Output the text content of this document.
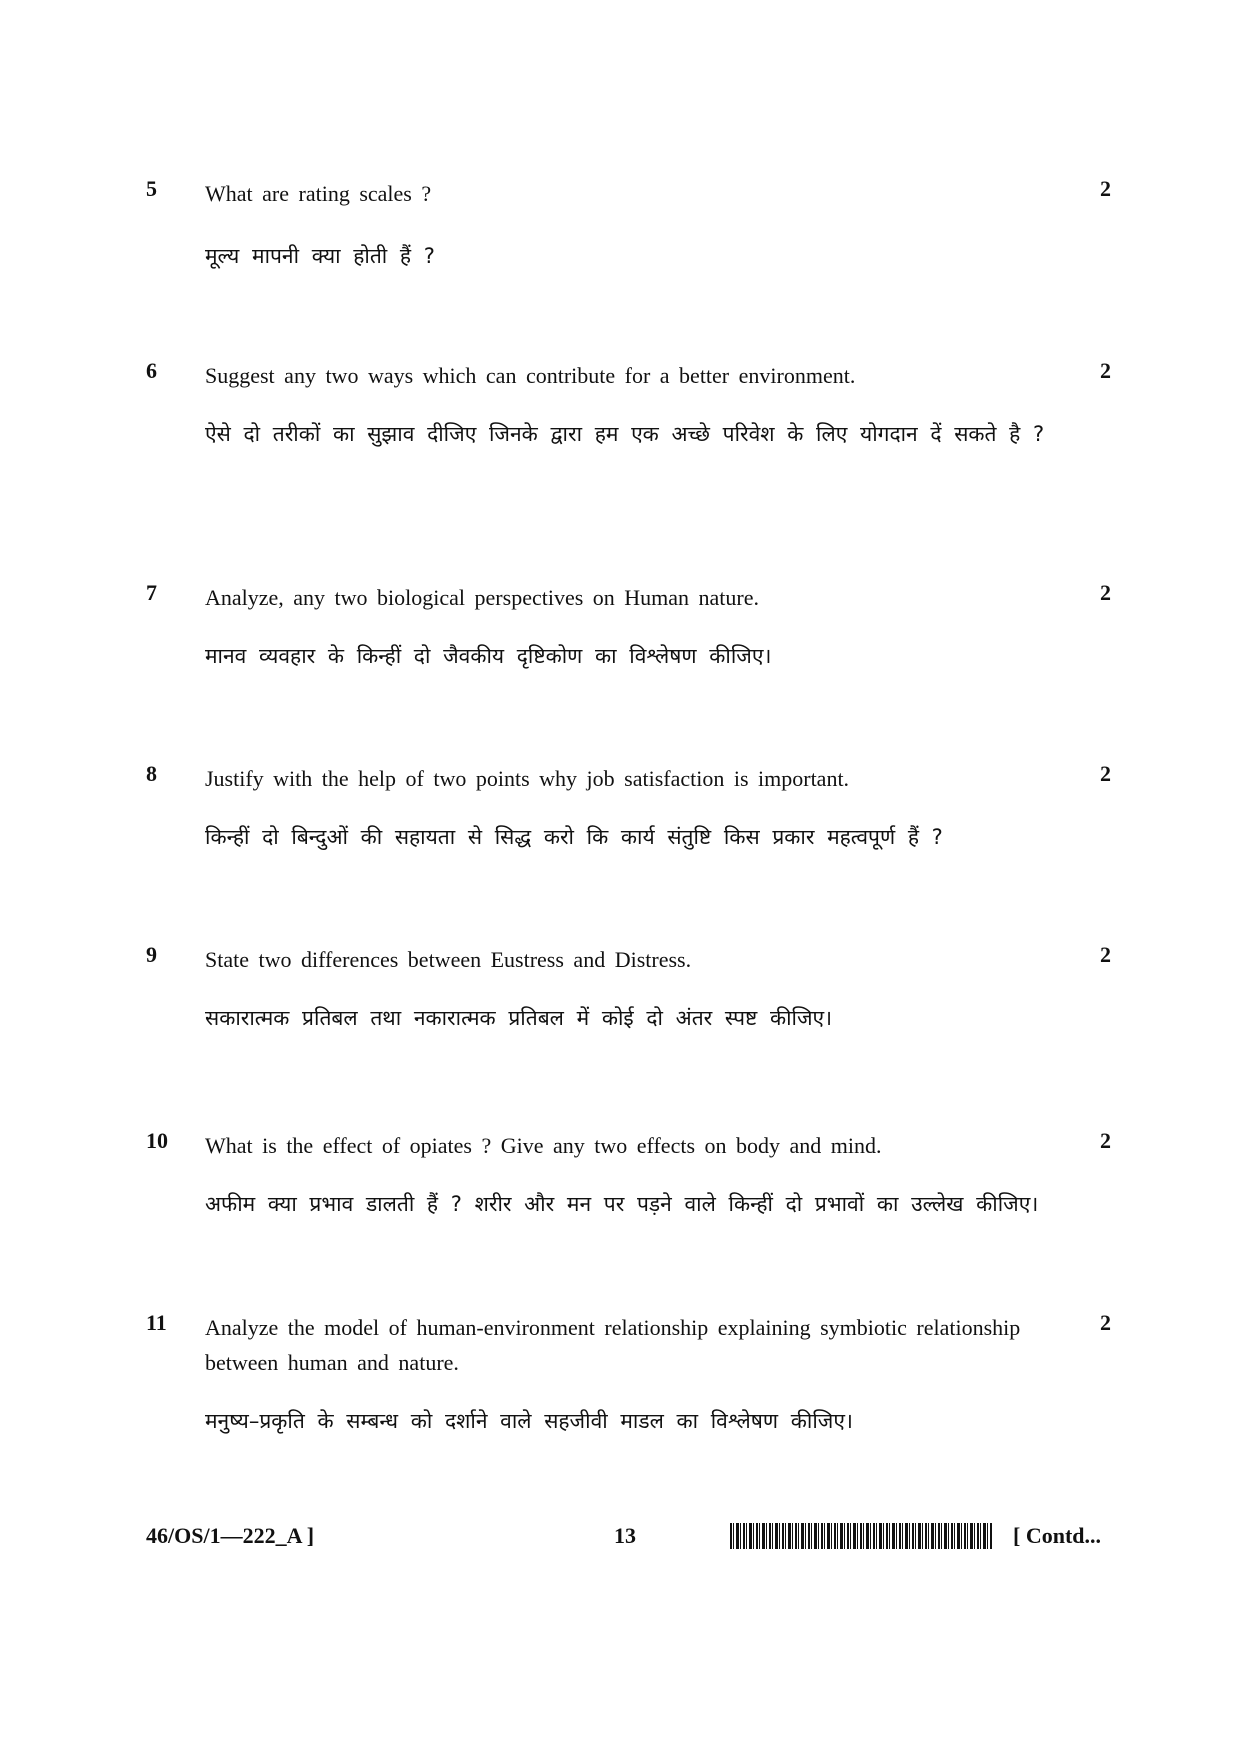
5 What are rating scales ?	2
मूल्य मापनी क्या होती हैं ?
6 Suggest any two ways which can contribute for a better environment.	2
ऐसे दो तरीकों का सुझाव दीजिए जिनके द्वारा हम एक अच्छे परिवेश के लिए योगदान दें सकते है ?
7 Analyze, any two biological perspectives on Human nature.	2
मानव व्यवहार के किन्हीं दो जैवकीय दृष्टिकोण का विश्लेषण कीजिए।
8 Justify with the help of two points why job satisfaction is important.	2
किन्हीं दो बिन्दुओं की सहायता से सिद्ध करो कि कार्य संतुष्टि किस प्रकार महत्वपूर्ण हैं ?
9 State two differences between Eustress and Distress.	2
सकारात्मक प्रतिबल तथा नकारात्मक प्रतिबल में कोई दो अंतर स्पष्ट कीजिए।
10 What is the effect of opiates ? Give any two effects on body and mind.	2
अफीम क्या प्रभाव डालती हैं ? शरीर और मन पर पड़ने वाले किन्हीं दो प्रभावों का उल्लेख कीजिए।
11 Analyze the model of human-environment relationship explaining symbiotic relationship between human and nature.
2
मनुष्य–प्रकृति के सम्बन्ध को दर्शाने वाले सहजीवी माडल का विश्लेषण कीजिए।
46/OS/1—222_A ]	13	[ Contd...
